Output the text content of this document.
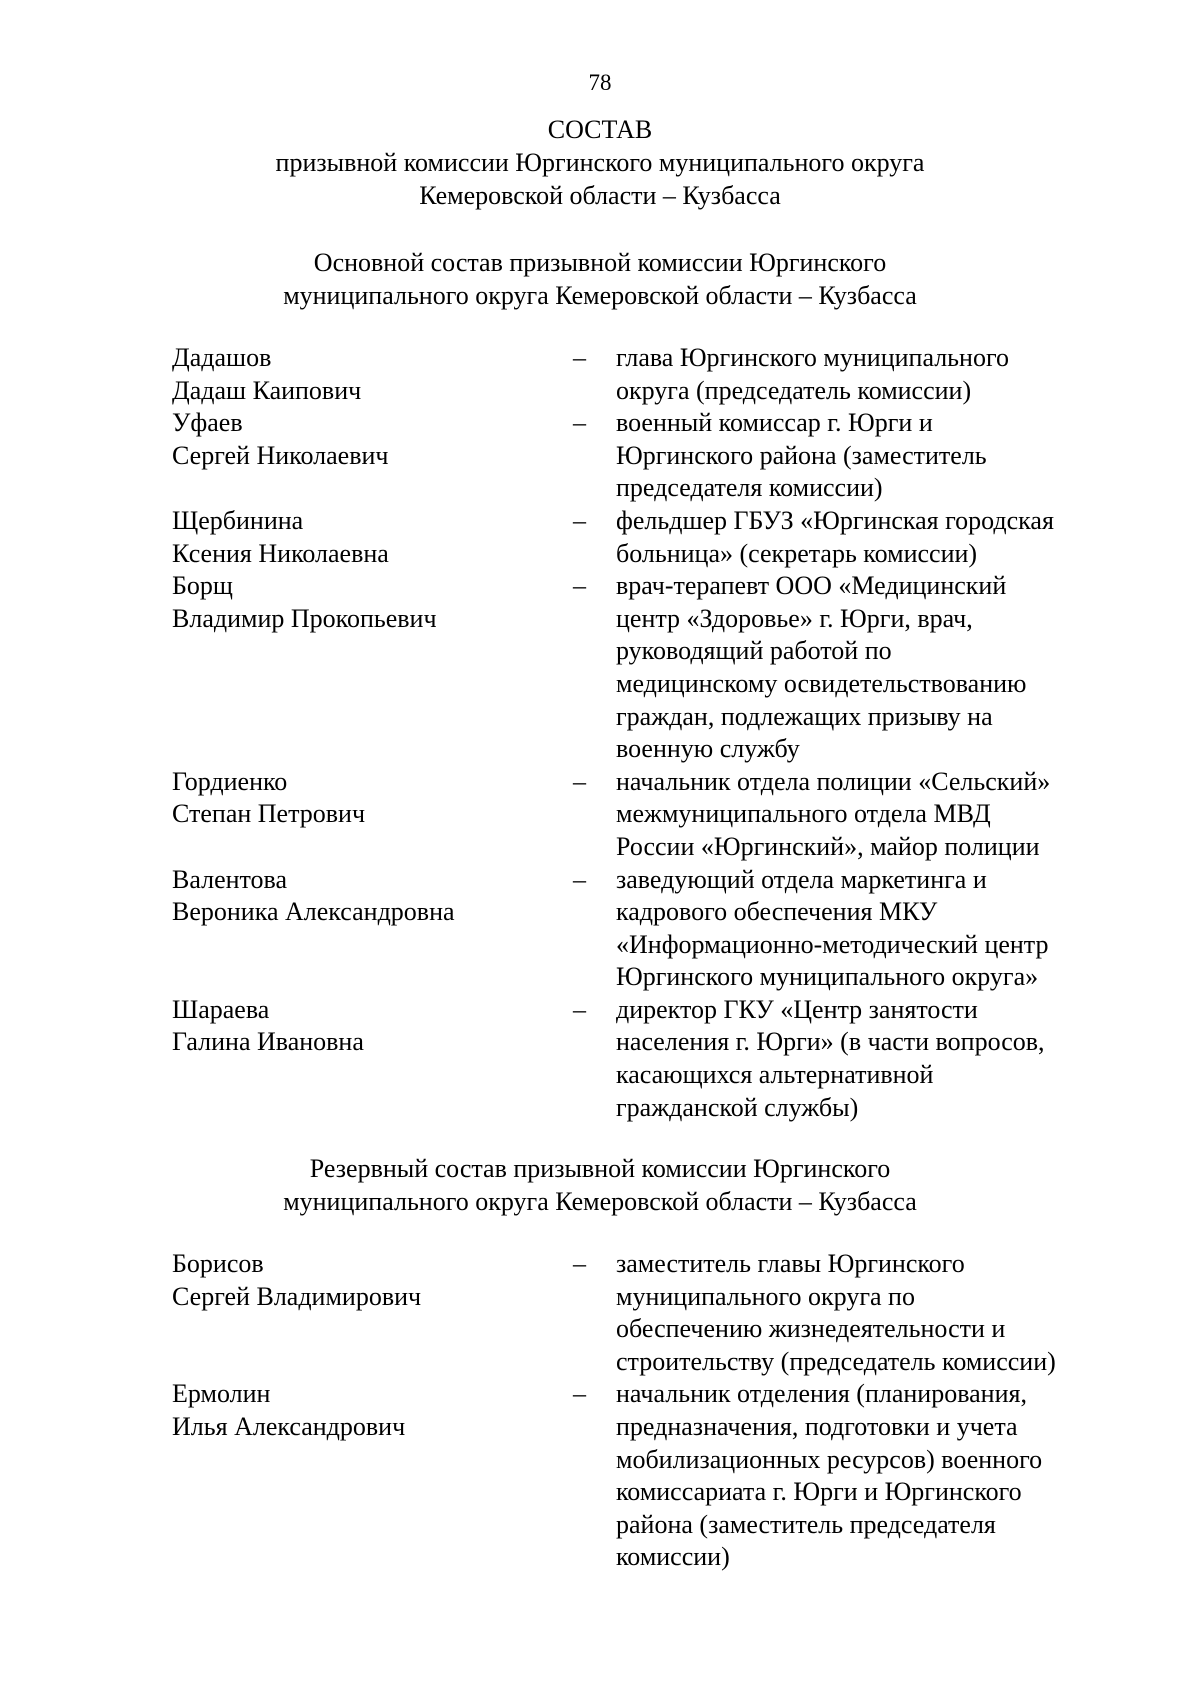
78
СОСТАВ
призывной комиссии Юргинского муниципального округа
Кемеровской области – Кузбасса
Основной состав призывной комиссии Юргинского
муниципального округа Кемеровской области – Кузбасса
Дадашов
Дадаш Каипович
– глава Юргинского муниципального
округа (председатель комиссии)
Уфаев
Сергей Николаевич
– военный комиссар г. Юрги и
Юргинского района (заместитель
председателя комиссии)
Щербинина
Ксения Николаевна
– фельдшер ГБУЗ «Юргинская городская
больница» (секретарь комиссии)
Борщ
Владимир Прокопьевич
– врач-терапевт ООО «Медицинский
центр «Здоровье» г. Юрги, врач,
руководящий работой по
медицинскому освидетельствованию
граждан, подлежащих призыву на
военную службу
Гордиенко
Степан Петрович
– начальник отдела полиции «Сельский»
межмуниципального отдела МВД
России «Юргинский», майор полиции
Валентова
Вероника Александровна
– заведующий отдела маркетинга и
кадрового обеспечения МКУ
«Информационно-методический центр
Юргинского муниципального округа»
Шараева
Галина Ивановна
– директор ГКУ «Центр занятости
населения г. Юрги» (в части вопросов,
касающихся альтернативной
гражданской службы)
Резервный состав призывной комиссии Юргинского
муниципального округа Кемеровской области – Кузбасса
Борисов
Сергей Владимирович
– заместитель главы Юргинского
муниципального округа по
обеспечению жизнедеятельности и
строительству (председатель комиссии)
Ермолин
Илья Александрович
– начальник отделения (планирования,
предназначения, подготовки и учета
мобилизационных ресурсов) военного
комиссариата г. Юрги и Юргинского
района (заместитель председателя
комиссии)
